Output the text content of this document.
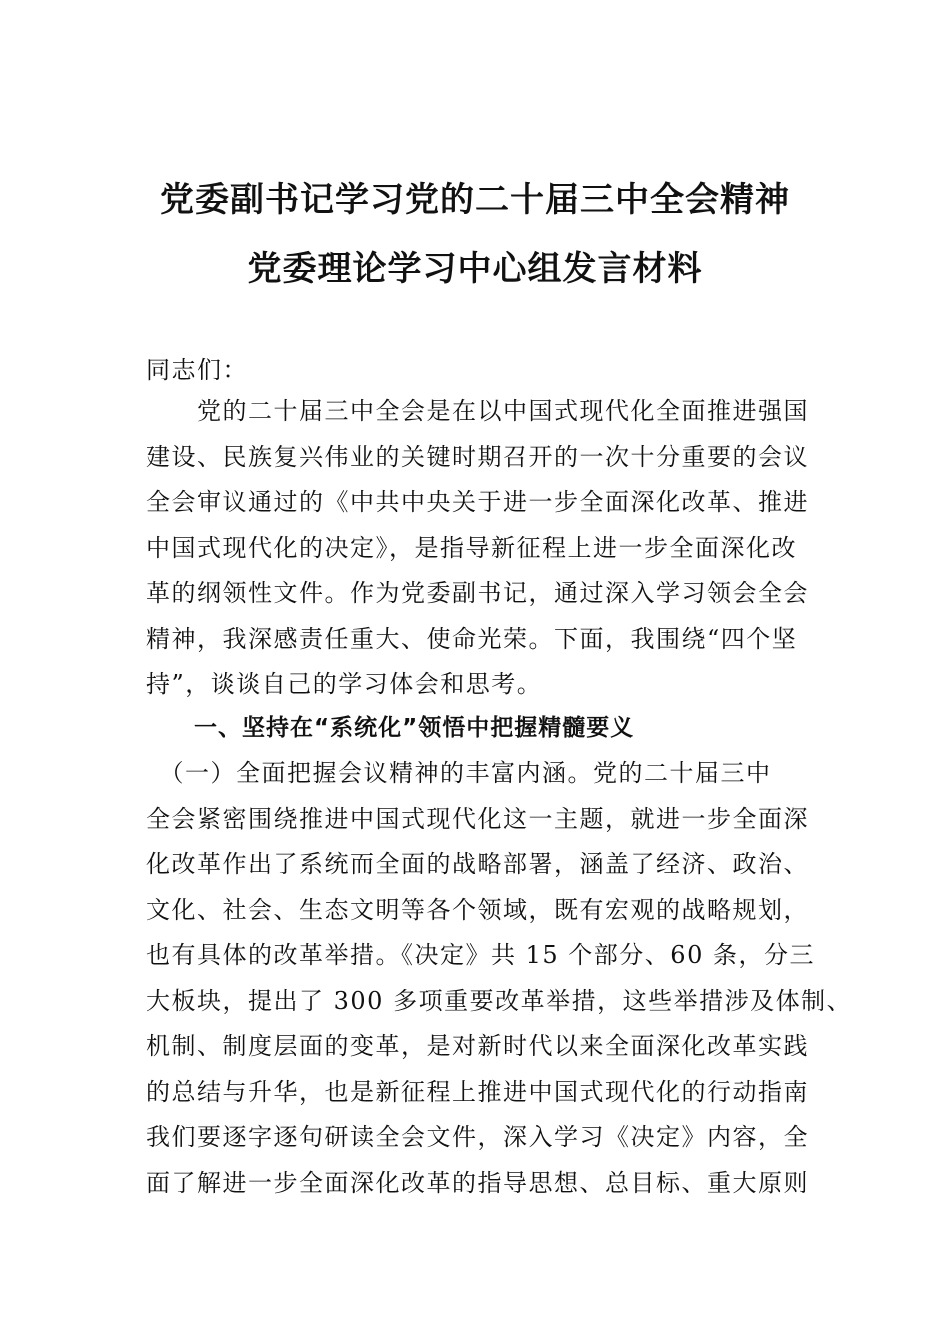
党委副书记学习党的二十届三中全会精神
党委理论学习中心组发言材料
同志们：
　　党的二十届三中全会是在以中国式现代化全面推进强国
建设、民族复兴伟业的关键时期召开的一次十分重要的会议
全会审议通过的《中共中央关于进一步全面深化改革、推进
中国式现代化的决定》，是指导新征程上进一步全面深化改
革的纲领性文件。作为党委副书记，通过深入学习领会全会
精神，我深感责任重大、使命光荣。下面，我围绕“四个坚
持”，谈谈自己的学习体会和思考。
一、坚持在“系统化”领悟中把握精髓要义
　（一）全面把握会议精神的丰富内涵。党的二十届三中
全会紧密围绕推进中国式现代化这一主题，就进一步全面深
化改革作出了系统而全面的战略部署，涵盖了经济、政治、
文化、社会、生态文明等各个领域，既有宏观的战略规划，
也有具体的改革举措。《决定》共 15 个部分、60 条，分三
大板块，提出了 300 多项重要改革举措，这些举措涉及体制、
机制、制度层面的变革，是对新时代以来全面深化改革实践
的总结与升华，也是新征程上推进中国式现代化的行动指南
我们要逐字逐句研读全会文件，深入学习《决定》内容，全
面了解进一步全面深化改革的指导思想、总目标、重大原则
